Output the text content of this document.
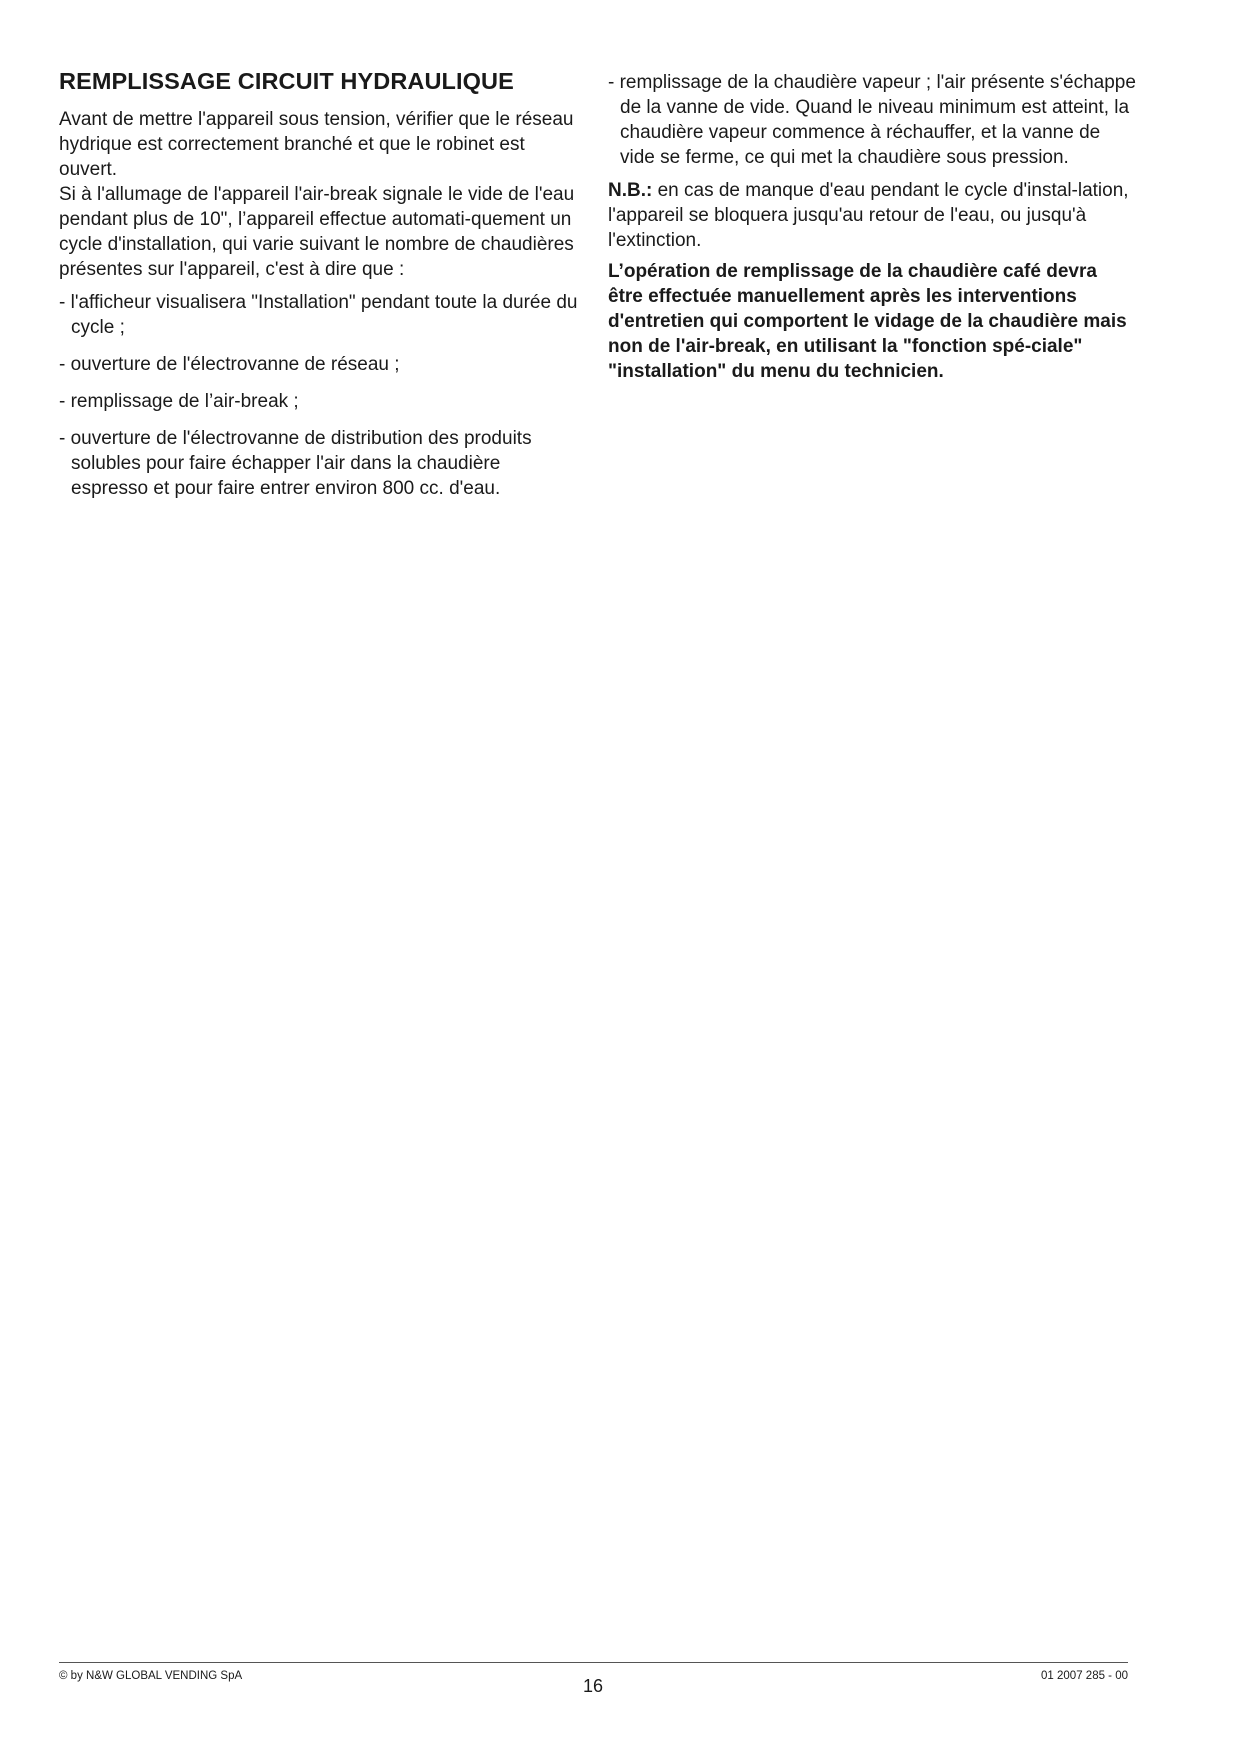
REMPLISSAGE CIRCUIT HYDRAULIQUE

Avant de mettre l'appareil sous tension, vérifier que le réseau hydrique est correctement branché et que le robinet est ouvert.

Si à l'allumage de l'appareil l'air-break signale le vide de l'eau pendant plus de 10", l’appareil effectue automati-quement un cycle d'installation, qui varie suivant le nombre de chaudières présentes sur l'appareil, c'est à dire que :

- l'afficheur visualisera "Installation" pendant toute la durée du cycle ;

- ouverture de l'électrovanne de réseau ;

- remplissage de l’air-break ;

- ouverture de l'électrovanne de distribution des produits solubles pour faire échapper l'air dans la chaudière espresso et pour faire entrer environ 800 cc. d'eau.

- remplissage de la chaudière vapeur ; l'air présente s'échappe de la vanne de vide. Quand le niveau minimum est atteint, la chaudière vapeur commence à réchauffer, et la vanne de vide se ferme, ce qui met la chaudière sous pression.

N.B.: en cas de manque d'eau pendant le cycle d'instal-lation, l'appareil se bloquera jusqu'au retour de l'eau, ou jusqu'à l'extinction.

L’opération de remplissage de la chaudière café devra être effectuée manuellement après les interventions d'entretien qui comportent le vidage de la chaudière mais non de l'air-break, en utilisant la "fonction spé-ciale" "installation" du menu du technicien.

© by N&W GLOBAL VENDING SpA	16	01 2007 285 - 00
